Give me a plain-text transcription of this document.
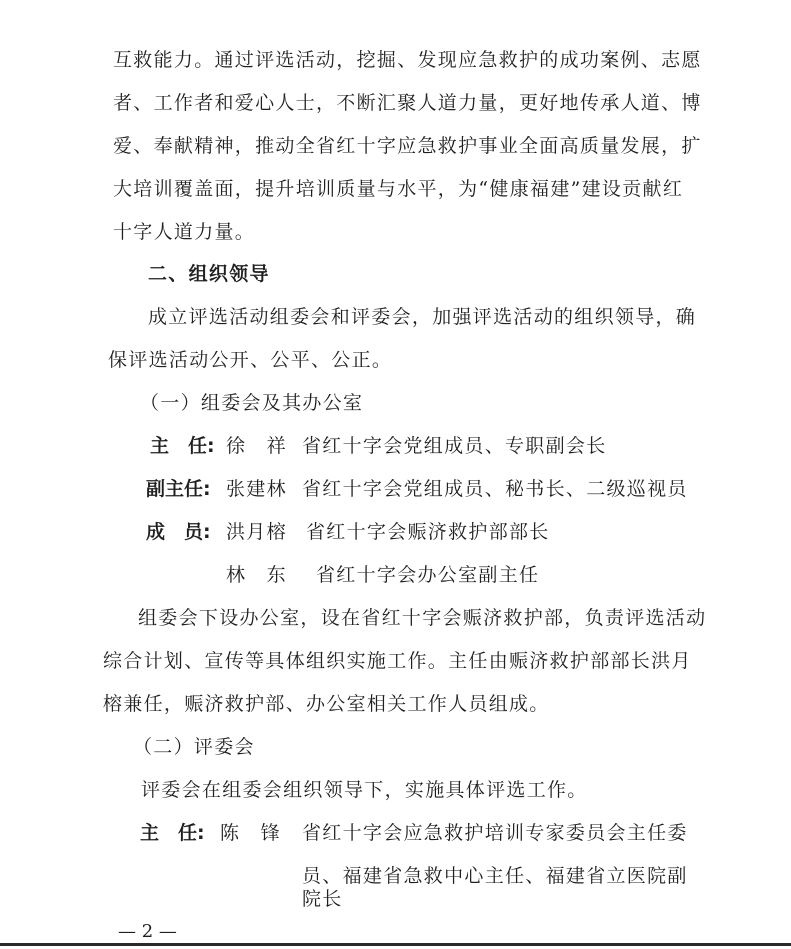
互救能力。通过评选活动，挖掘、发现应急救护的成功案例、志愿
者、工作者和爱心人士，不断汇聚人道力量，更好地传承人道、博
爱、奉献精神，推动全省红十字应急救护事业全面高质量发展，扩
大培训覆盖面，提升培训质量与水平，为“健康福建”建设贡献红
十字人道力量。
二、组织领导
成立评选活动组委会和评委会，加强评选活动的组织领导，确
保评选活动公开、公平、公正。
（一）组委会及其办公室
主　任: 徐　祥 省红十字会党组成员、专职副会长
副主任: 张建林 省红十字会党组成员、秘书长、二级巡视员
成　员: 洪月榕 省红十字会赈济救护部部长
林　东 省红十字会办公室副主任
组委会下设办公室，设在省红十字会赈济救护部，负责评选活动
综合计划、宣传等具体组织实施工作。主任由赈济救护部部长洪月
榕兼任，赈济救护部、办公室相关工作人员组成。
（二）评委会
评委会在组委会组织领导下，实施具体评选工作。
主　任: 陈　锋 省红十字会应急救护培训专家委员会主任委
员、福建省急救中心主任、福建省立医院副
院长
— 2 —
